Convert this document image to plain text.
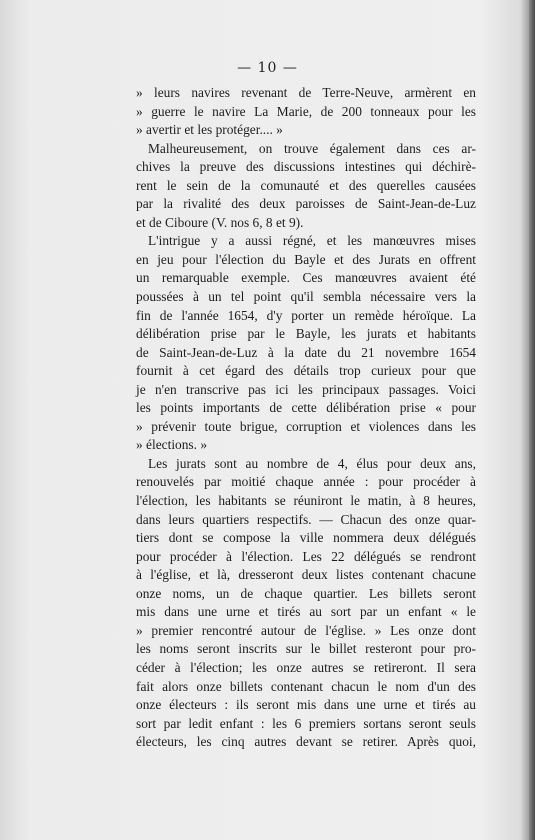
— 10 —
» leurs navires revenant de Terre-Neuve, armèrent en
» guerre le navire La Marie, de 200 tonneaux pour les
» avertir et les protéger.... »
Malheureusement, on trouve également dans ces ar-
chives la preuve des discussions intestines qui déchirè-
rent le sein de la comunauté et des querelles causées
par la rivalité des deux paroisses de Saint-Jean-de-Luz
et de Ciboure (V. nos 6, 8 et 9).
L'intrigue y a aussi régné, et les manœuvres mises
en jeu pour l'élection du Bayle et des Jurats en offrent
un remarquable exemple. Ces manœuvres avaient été
poussées à un tel point qu'il sembla nécessaire vers la
fin de l'année 1654, d'y porter un remède héroïque. La
délibération prise par le Bayle, les jurats et habitants
de Saint-Jean-de-Luz à la date du 21 novembre 1654
fournit à cet égard des détails trop curieux pour que
je n'en transcrive pas ici les principaux passages. Voici
les points importants de cette délibération prise « pour
» prévenir toute brigue, corruption et violences dans les
» élections. »
Les jurats sont au nombre de 4, élus pour deux ans,
renouvelés par moitié chaque année : pour procéder à
l'élection, les habitants se réuniront le matin, à 8 heures,
dans leurs quartiers respectifs. — Chacun des onze quar-
tiers dont se compose la ville nommera deux délégués
pour procéder à l'élection. Les 22 délégués se rendront
à l'église, et là, dresseront deux listes contenant chacune
onze noms, un de chaque quartier. Les billets seront
mis dans une urne et tirés au sort par un enfant « le
» premier rencontré autour de l'église. » Les onze dont
les noms seront inscrits sur le billet resteront pour pro-
céder à l'élection; les onze autres se retireront. Il sera
fait alors onze billets contenant chacun le nom d'un des
onze électeurs : ils seront mis dans une urne et tirés au
sort par ledit enfant : les 6 premiers sortans seront seuls
électeurs, les cinq autres devant se retirer. Après quoi,
